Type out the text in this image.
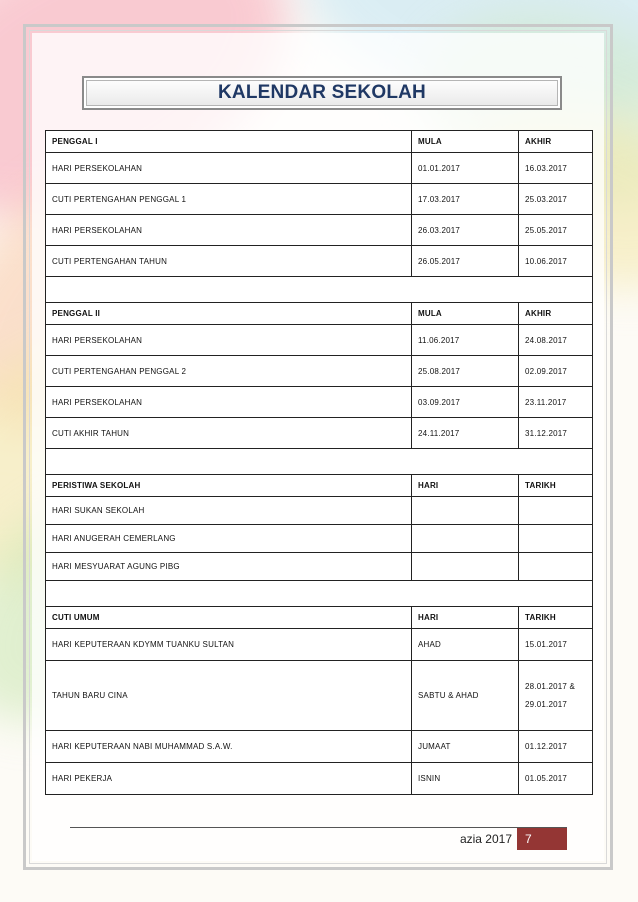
KALENDAR SEKOLAH
PENGGAL I	MULA	AKHIR
HARI PERSEKOLAHAN	01.01.2017	16.03.2017
CUTI PERTENGAHAN PENGGAL 1	17.03.2017	25.03.2017
HARI PERSEKOLAHAN	26.03.2017	25.05.2017
CUTI PERTENGAHAN TAHUN	26.05.2017	10.06.2017

PENGGAL II	MULA	AKHIR
HARI PERSEKOLAHAN	11.06.2017	24.08.2017
CUTI PERTENGAHAN PENGGAL 2	25.08.2017	02.09.2017
HARI PERSEKOLAHAN	03.09.2017	23.11.2017
CUTI AKHIR TAHUN	24.11.2017	31.12.2017

PERISTIWA SEKOLAH	HARI	TARIKH
HARI SUKAN SEKOLAH		
HARI ANUGERAH CEMERLANG		
HARI MESYUARAT AGUNG PIBG		

CUTI UMUM	HARI	TARIKH
HARI KEPUTERAAN KDYMM TUANKU SULTAN	AHAD	15.01.2017
TAHUN BARU CINA	SABTU & AHAD	28.01.2017 &
29.01.2017

HARI KEPUTERAAN NABI MUHAMMAD S.A.W.	JUMAAT	01.12.2017
HARI PEKERJA	ISNIN	01.05.2017
azia 2017	7
